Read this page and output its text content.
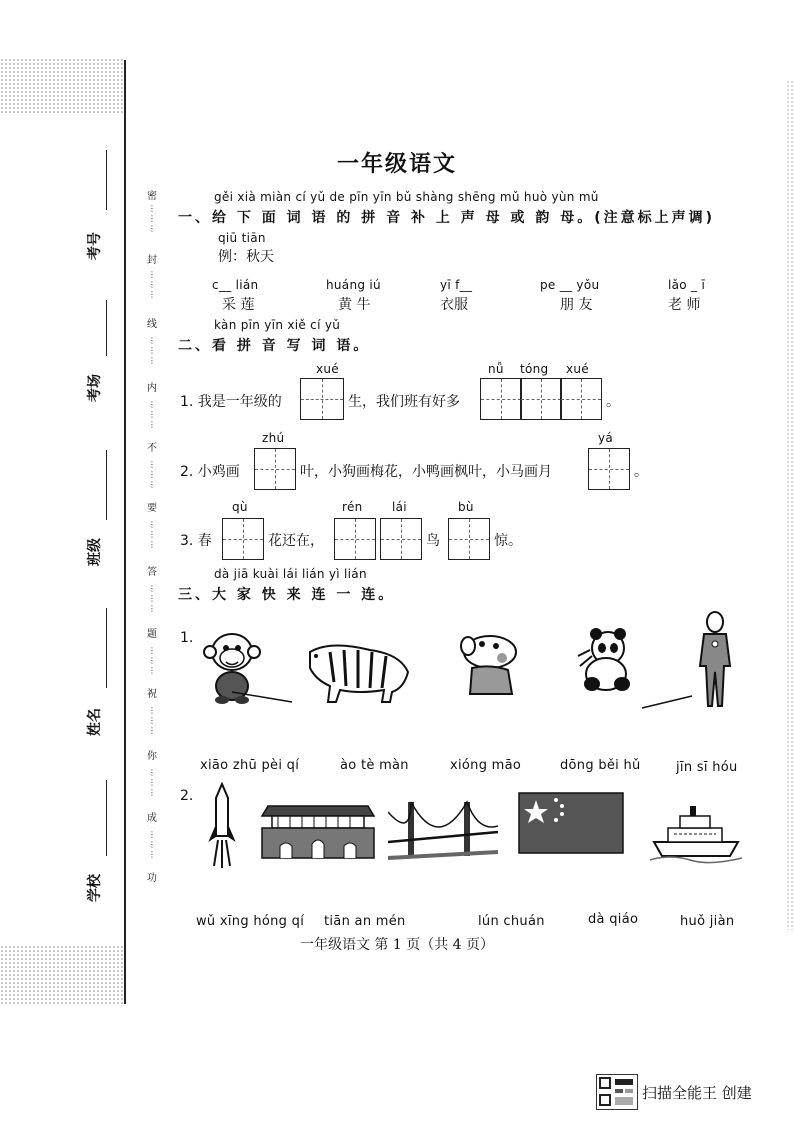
考号
考场
班级
姓名
学校
密
⋮
⋮
⋮
封
⋮
⋮
⋮
线
⋮
⋮
⋮
内
⋮
⋮
⋮
不
⋮
⋮
⋮
要
⋮
⋮
⋮
答
⋮
⋮
⋮
题
⋮
⋮
⋮
祝
⋮
⋮
⋮
你
⋮
⋮
⋮
成
⋮
⋮
⋮
功
一年级语文
gěi xià miàn cí yǔ de pīn yīn bǔ shàng shēng mǔ huò yùn mǔ
一、给 下 面 词 语 的 拼 音 补 上 声 母 或 韵 母。(注意标上声调)
qiū tiān
例：秋天
c__ lián
采 莲
huáng iú
黄 牛
yī f__
衣服
pe __ yǒu
朋 友
lǎo _ ī
老 师
kàn pīn yīn xiě cí yǔ
二、看 拼 音 写 词 语。
xué
1. 我是一年级的	生，我们班有好多
nǚ tóng xué
。
zhú
2. 小鸡画	叶，小狗画梅花，小鸭画枫叶，小马画月
yá
。
qù
3. 春	花还在，
rén lái
鸟
bù
惊。
dà jiā kuài lái lián yì lián
三、大 家 快 来 连 一 连。
1.
xiāo zhū pèi qí	ào tè màn	xióng māo	dōng běi hǔ	jīn sī hóu
2.
wǔ xīng hóng qí tiān an mén	lún chuán	dà qiáo	huǒ jiàn
一年级语文 第 1 页（共 4 页）
扫描全能王 创建
